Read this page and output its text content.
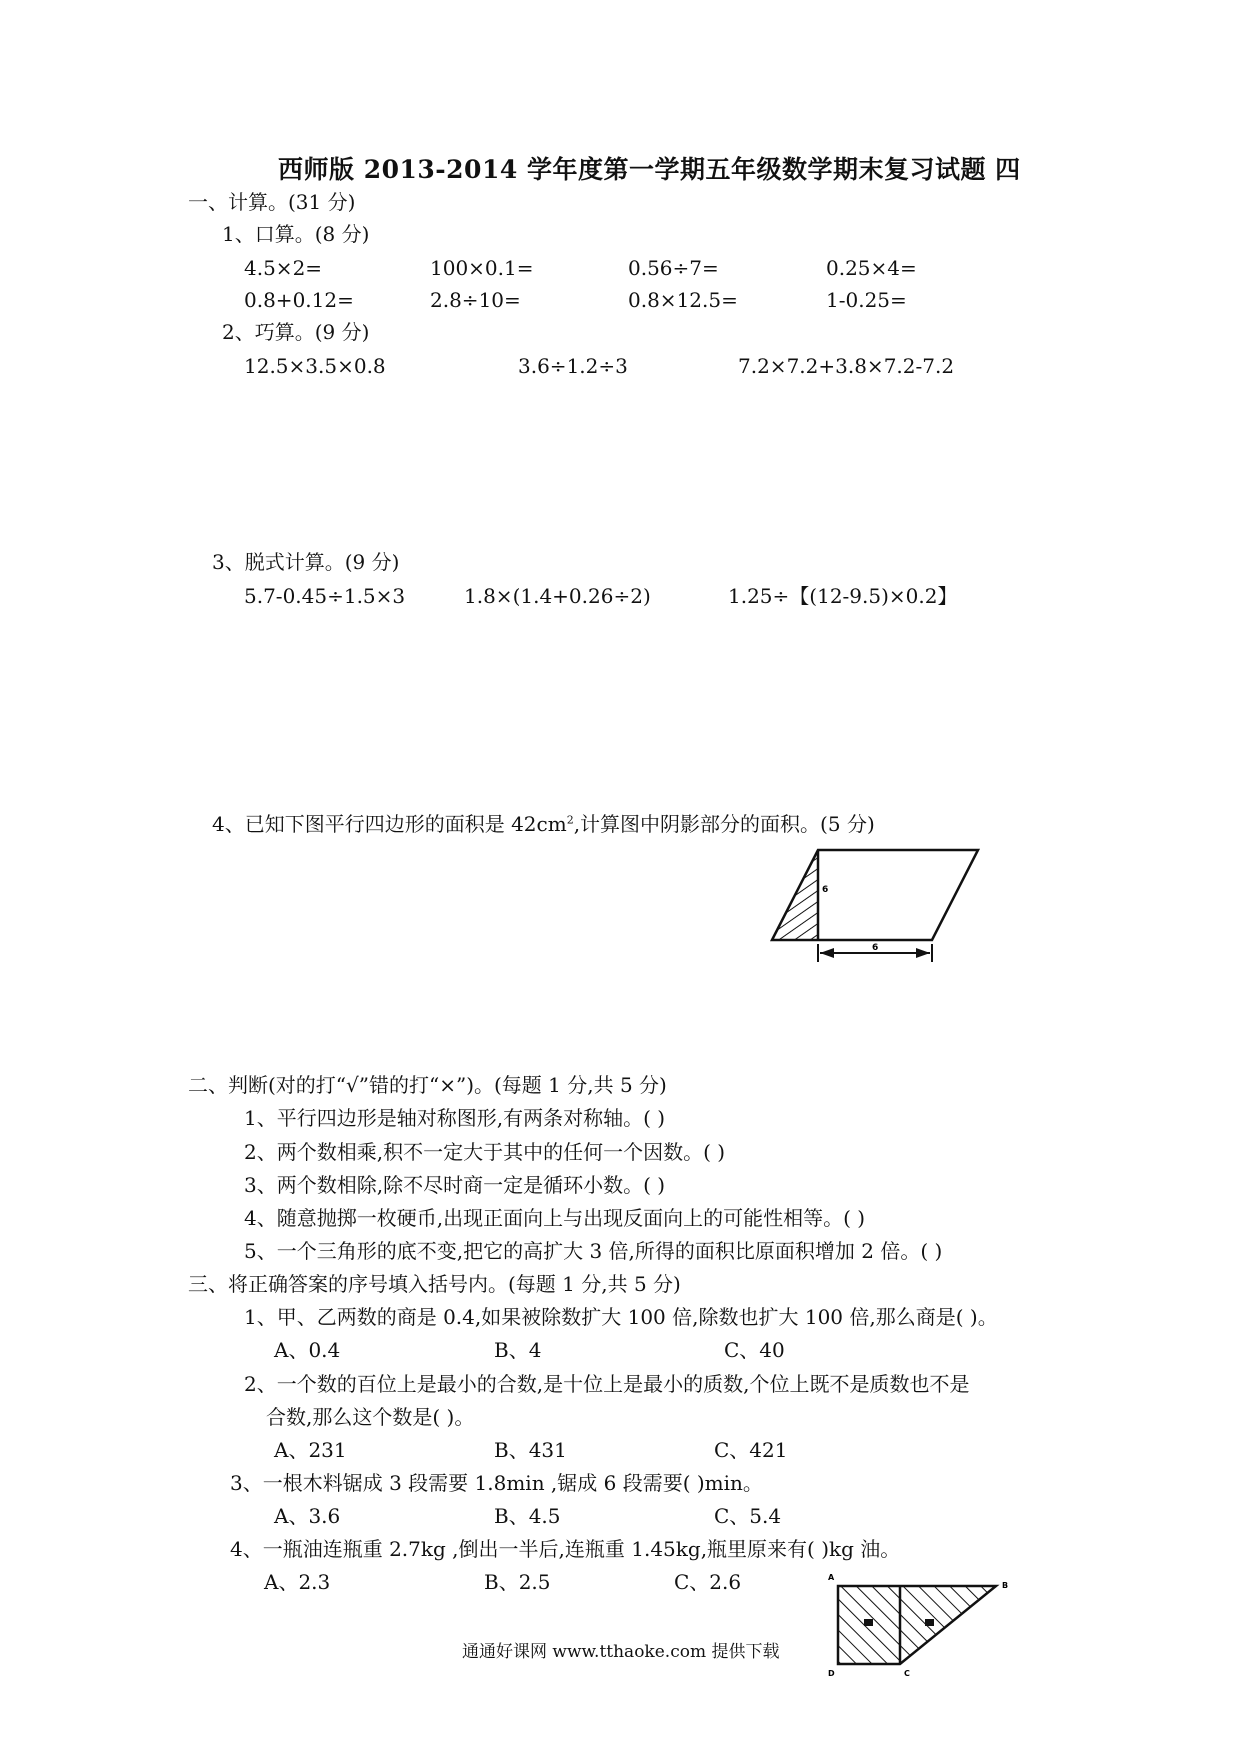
西师版 2013-2014 学年度第一学期五年级数学期末复习试题 四
一、计算。(31 分)
1、口算。(8 分)
4.5×2=	100×0.1=	0.56÷7=	0.25×4=
0.8+0.12=	2.8÷10=	0.8×12.5=	1-0.25=
2、巧算。(9 分)
12.5×3.5×0.8	3.6÷1.2÷3	7.2×7.2+3.8×7.2-7.2
3、脱式计算。(9 分)
5.7-0.45÷1.5×3	1.8×(1.4+0.26÷2)	1.25÷【(12-9.5)×0.2】
4、已知下图平行四边形的面积是 $42cm^2$,计算图中阴影部分的面积。(5 分)
6
6
二、判断(对的打“√”错的打“×”)。(每题 1 分,共 5 分)
1、平行四边形是轴对称图形,有两条对称轴。( )
2、两个数相乘,积不一定大于其中的任何一个因数。( )
3、两个数相除,除不尽时商一定是循环小数。( )
4、随意抛掷一枚硬币,出现正面向上与出现反面向上的可能性相等。( )
5、一个三角形的底不变,把它的高扩大 3 倍,所得的面积比原面积增加 2 倍。( )
三、将正确答案的序号填入括号内。(每题 1 分,共 5 分)
1、甲、乙两数的商是 0.4,如果被除数扩大 100 倍,除数也扩大 100 倍,那么商是( )。
A、0.4	B、4	C、40
2、一个数的百位上是最小的合数,是十位上是最小的质数,个位上既不是质数也不是
合数,那么这个数是( )。
A、231	B、431	C、421
3、一根木料锯成 3 段需要 1.8min ,锯成 6 段需要( )min。
A、3.6	B、4.5	C、5.4
4、一瓶油连瓶重 2.7kg ,倒出一半后,连瓶重 1.45kg,瓶里原来有( )kg 油。
A、2.3	B、2.5	C、2.6	A
B
D	C
通通好课网 www.tthaoke.com 提供下载
